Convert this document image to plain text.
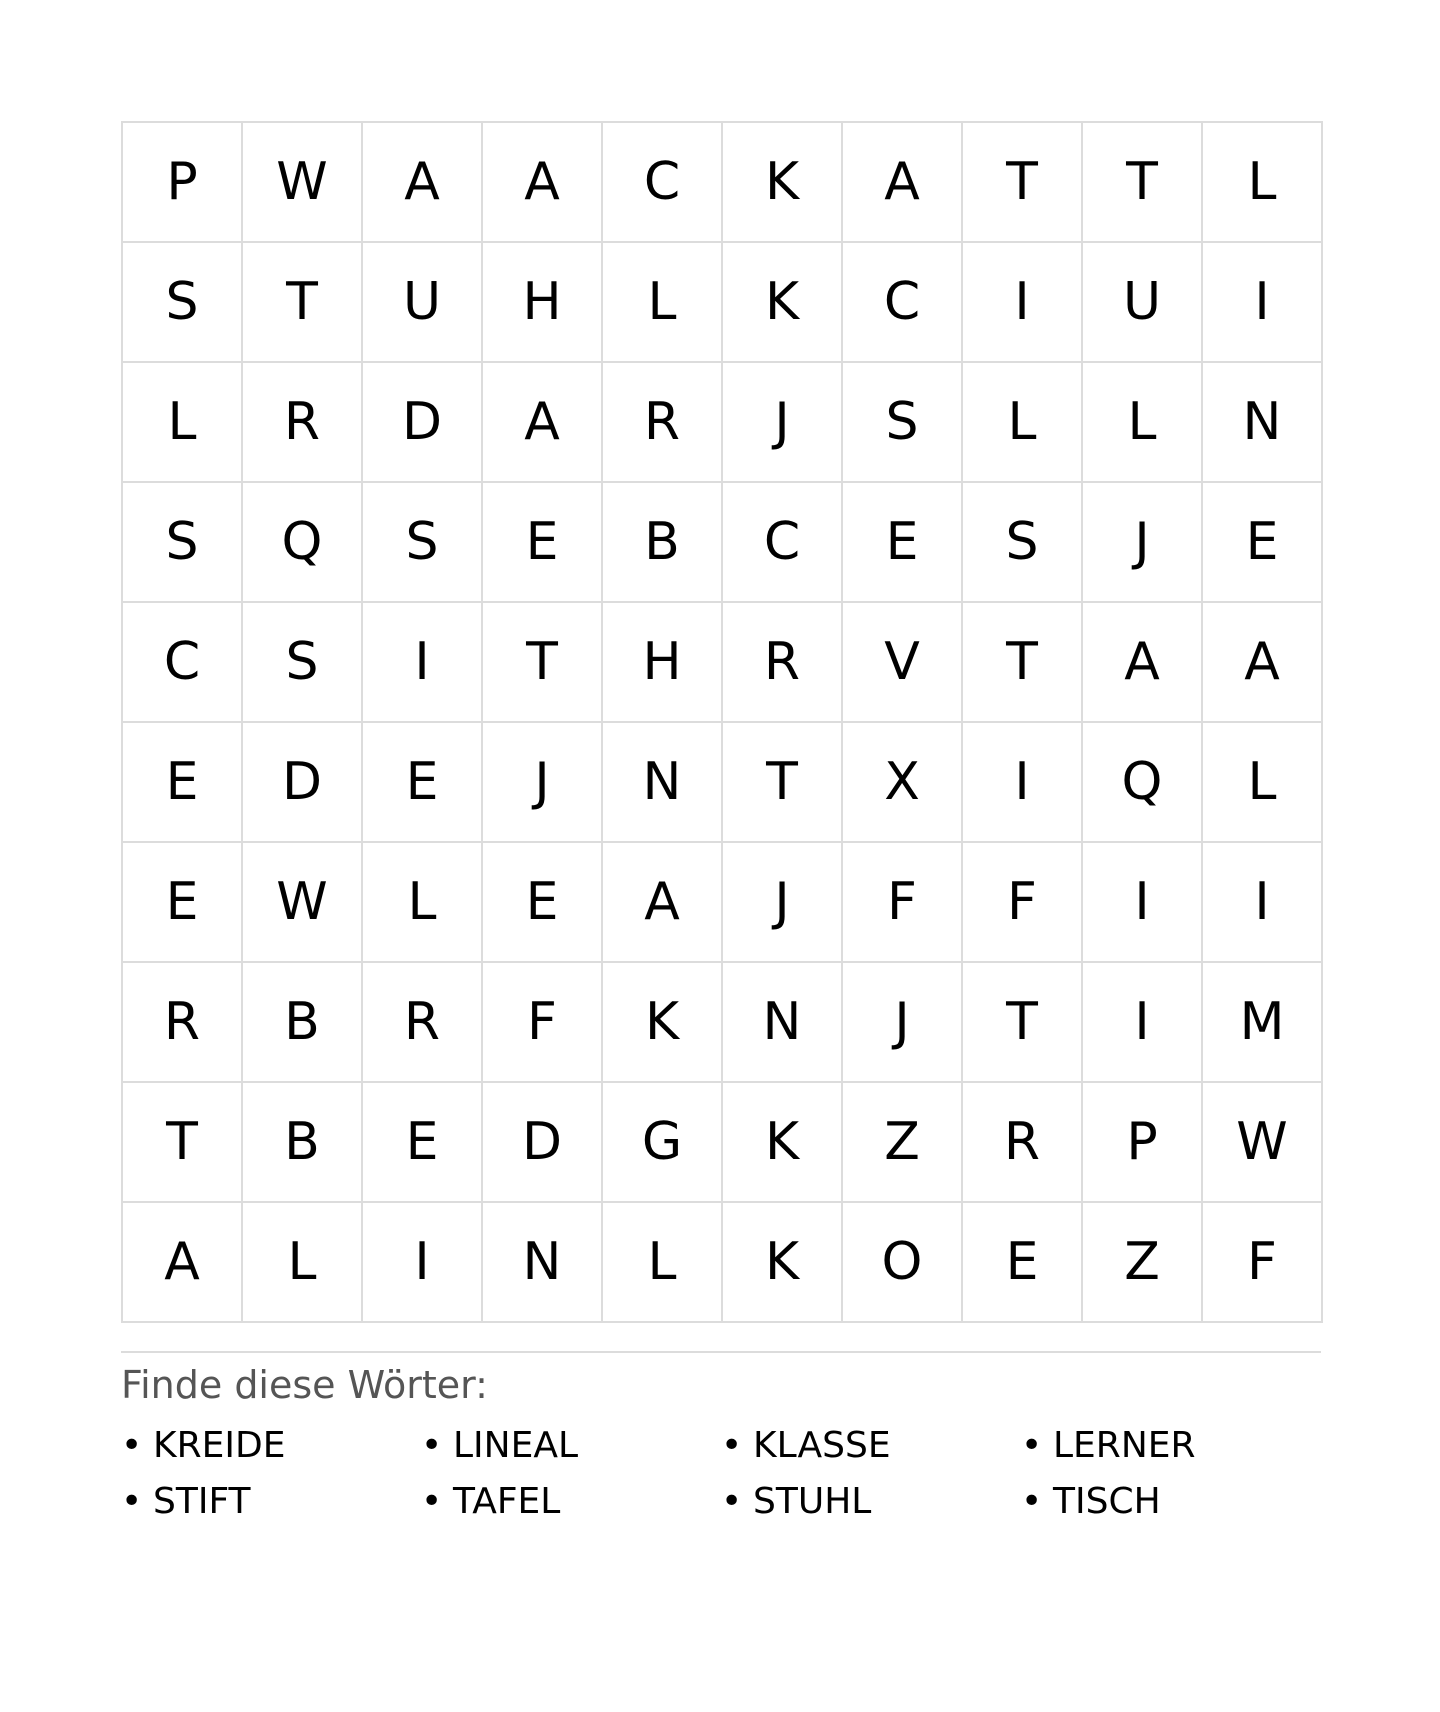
P	W	A	A	C	K	A	T	T	L
S	T	U	H	L	K	C	I	U	I
L	R	D	A	R	J	S	L	L	N
S	Q	S	E	B	C	E	S	J	E
C	S	I	T	H	R	V	T	A	A
E	D	E	J	N	T	X	I	Q	L
E	W	L	E	A	J	F	F	I	I
R	B	R	F	K	N	J	T	I	M
T	B	E	D	G	K	Z	R	P	W
A	L	I	N	L	K	O	E	Z	F
Finde diese Wörter:
• KREIDE	• LINEAL	• KLASSE	• LERNER
• STIFT	• TAFEL	• STUHL	• TISCH
